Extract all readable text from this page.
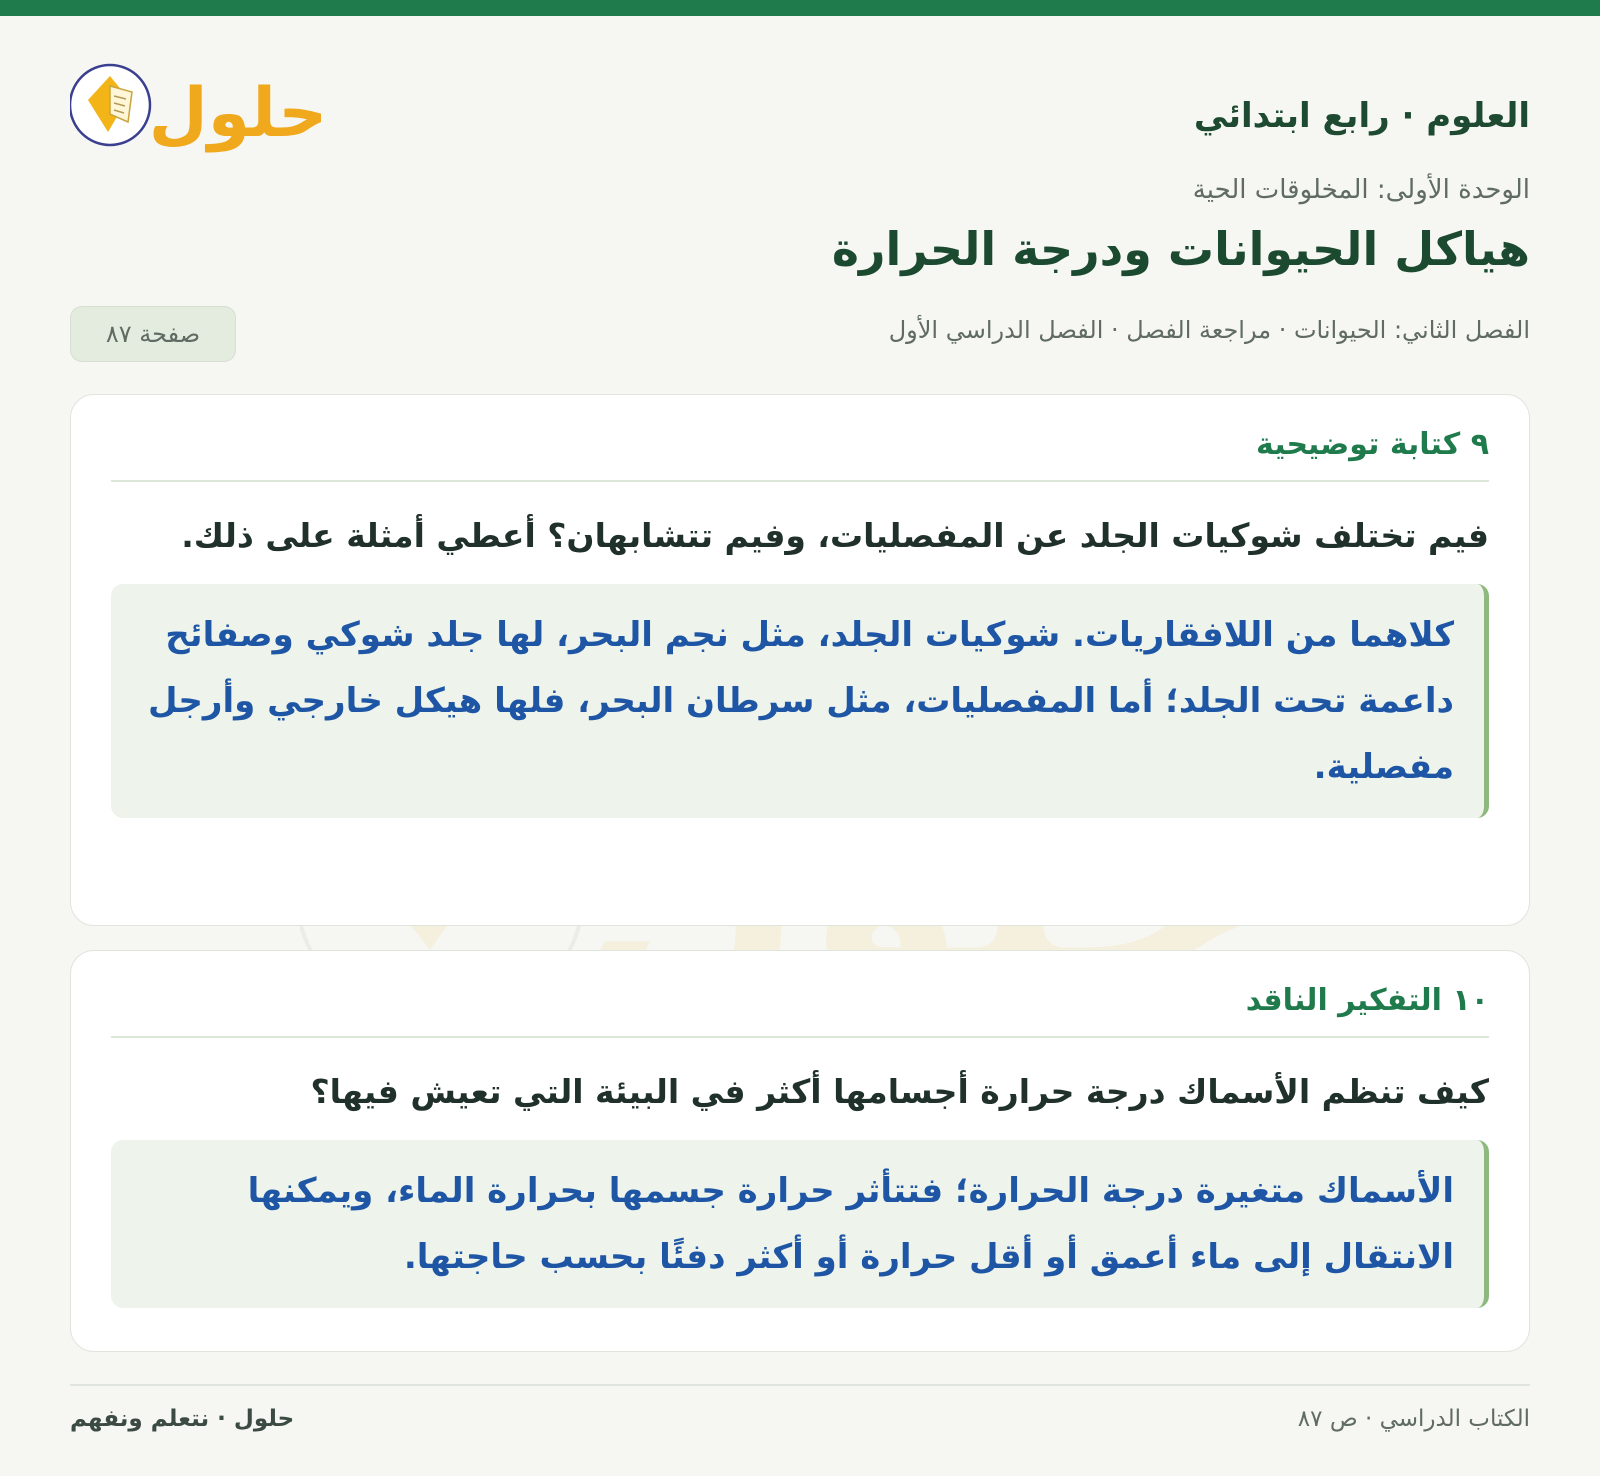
حلول	العلوم · رابع ابتدائي
الوحدة الأولى: المخلوقات الحية
هياكل الحيوانات ودرجة الحرارة
الفصل الثاني: الحيوانات · مراجعة الفصل · الفصل الدراسي الأول
صفحة ٨٧
٩ كتابة توضيحية
فيم تختلف شوكيات الجلد عن المفصليات، وفيم تتشابهان؟ أعطي أمثلة على ذلك.
كلاهما من اللافقاريات. شوكيات الجلد، مثل نجم البحر، لها جلد شوكي وصفائح داعمة تحت الجلد؛ أما المفصليات، مثل سرطان البحر، فلها هيكل خارجي وأرجل مفصلية.
١٠ التفكير الناقد
كيف تنظم الأسماك درجة حرارة أجسامها أكثر في البيئة التي تعيش فيها؟
الأسماك متغيرة درجة الحرارة؛ فتتأثر حرارة جسمها بحرارة الماء، ويمكنها الانتقال إلى ماء أعمق أو أقل حرارة أو أكثر دفئًا بحسب حاجتها.
الكتاب الدراسي · ص ٨٧
حلول · نتعلم ونفهم
